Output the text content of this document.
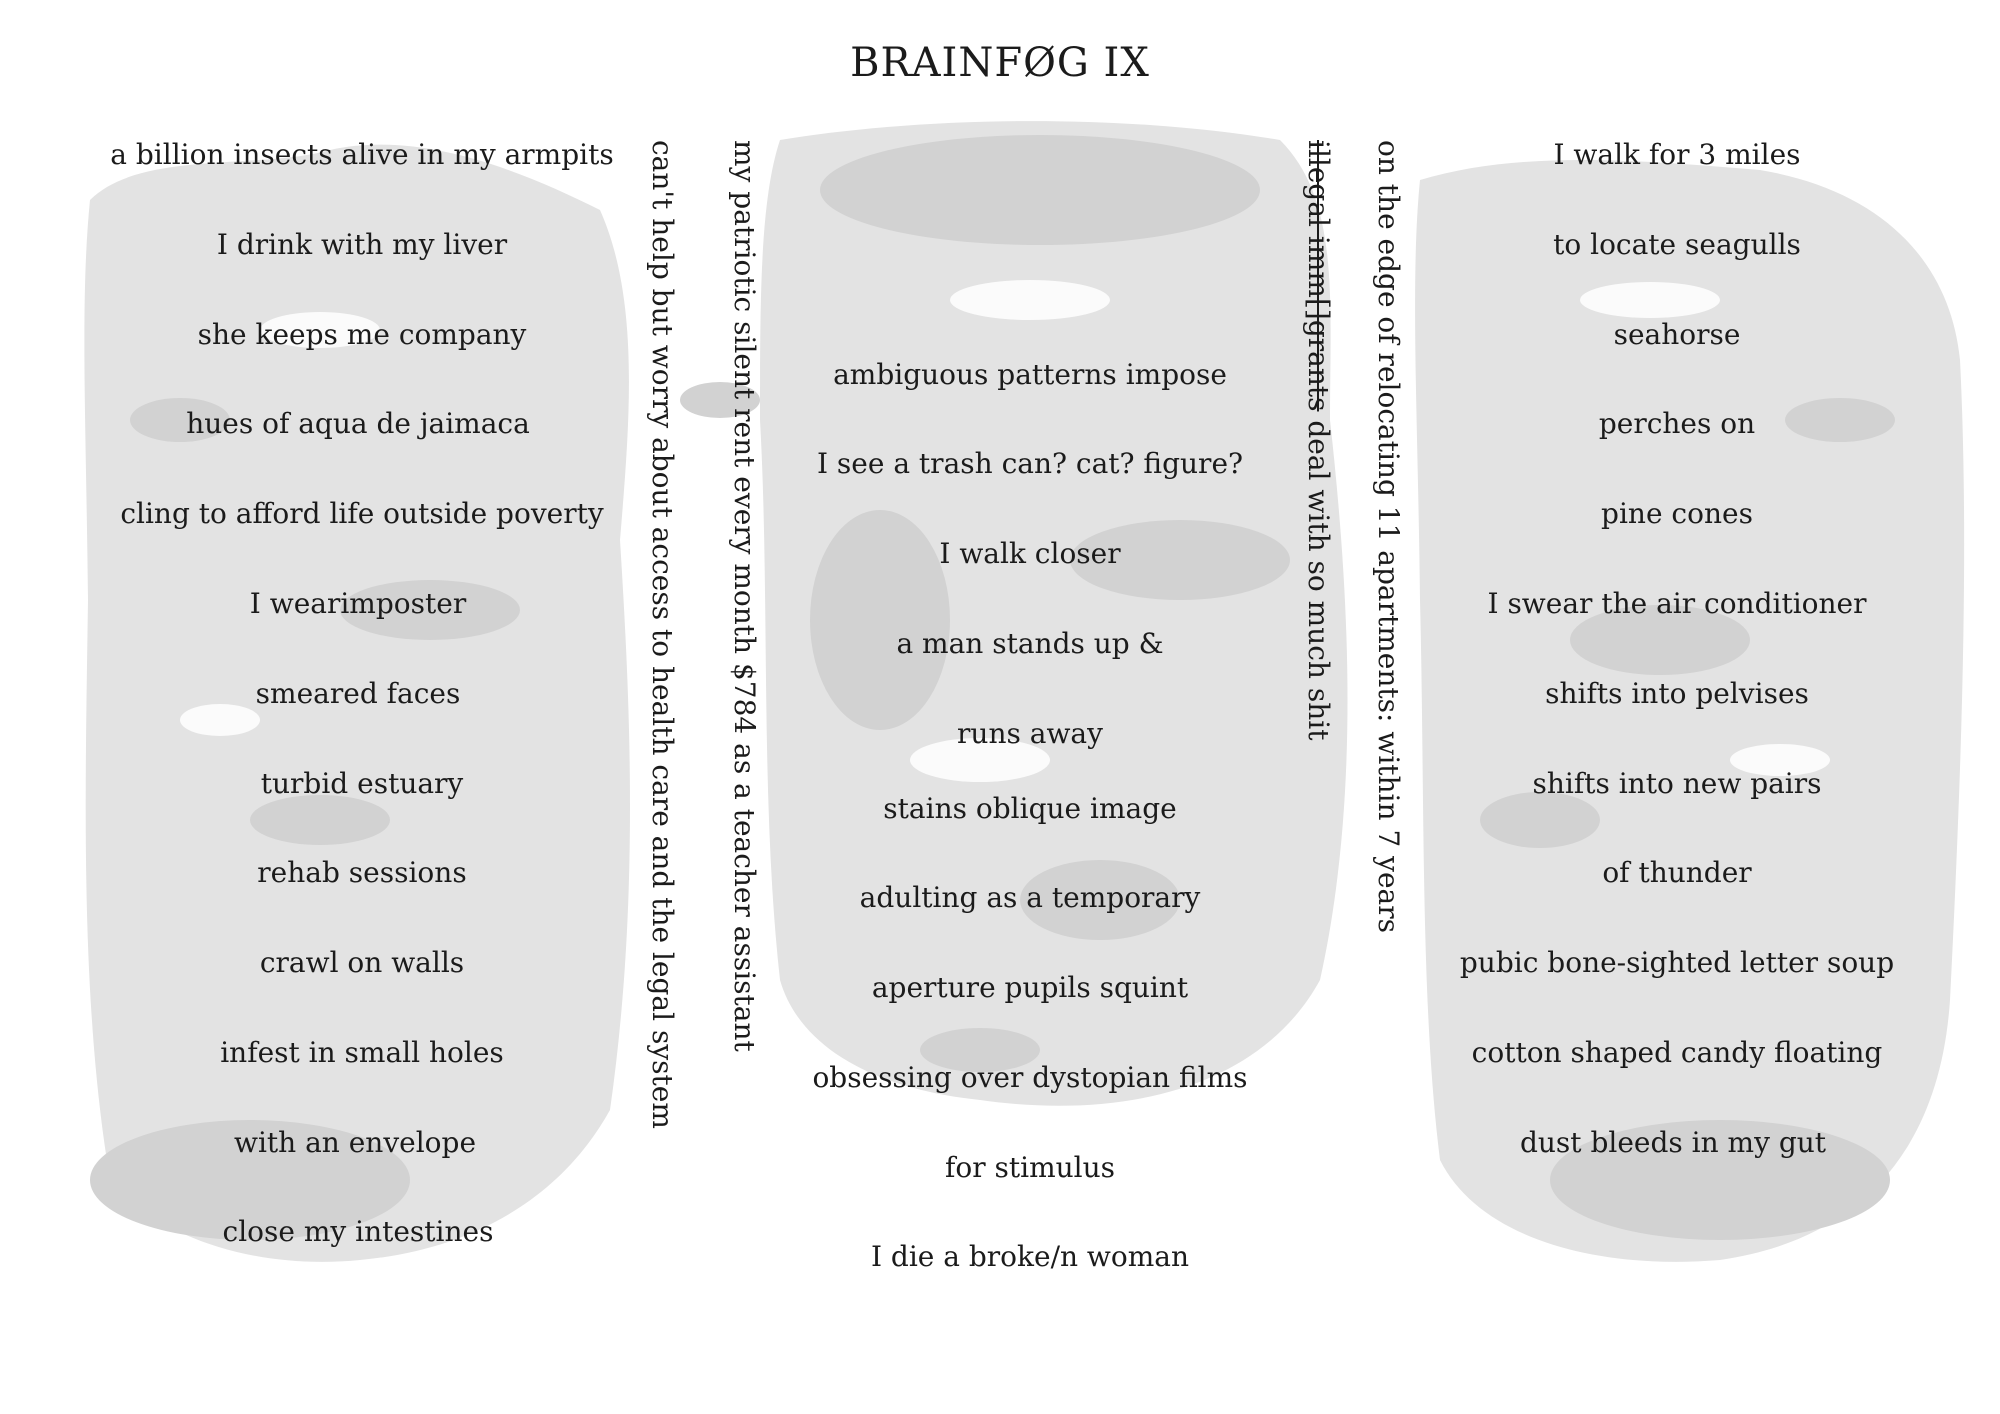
BRAINFØG IX
a billion insects alive in my armpits
I drink with my liver
she keeps me company
hues of aqua de jaimaca
cling to afford life outside poverty
I wearimposter
smeared faces
turbid estuary
rehab sessions
crawl on walls
infest in small holes
with an envelope
close my intestines
can't help but worry about access to health care and the legal system my patriotic silent rent every month $784 as a teacher assistant	illegal imm[]grants deal with so much shit on the edge of relocating 11 apartments: within 7 years
ambiguous patterns impose
I see a trash can? cat? figure?
I walk closer
a man stands up &
runs away
stains oblique image
adulting as a temporary
aperture pupils squint
obsessing over dystopian films
for stimulus
I die a broke/n woman
I walk for 3 miles
to locate seagulls
seahorse
perches on
pine cones
I swear the air conditioner
shifts into pelvises
shifts into new pairs
of thunder
pubic bone-sighted letter soup
cotton shaped candy floating
dust bleeds in my gut
